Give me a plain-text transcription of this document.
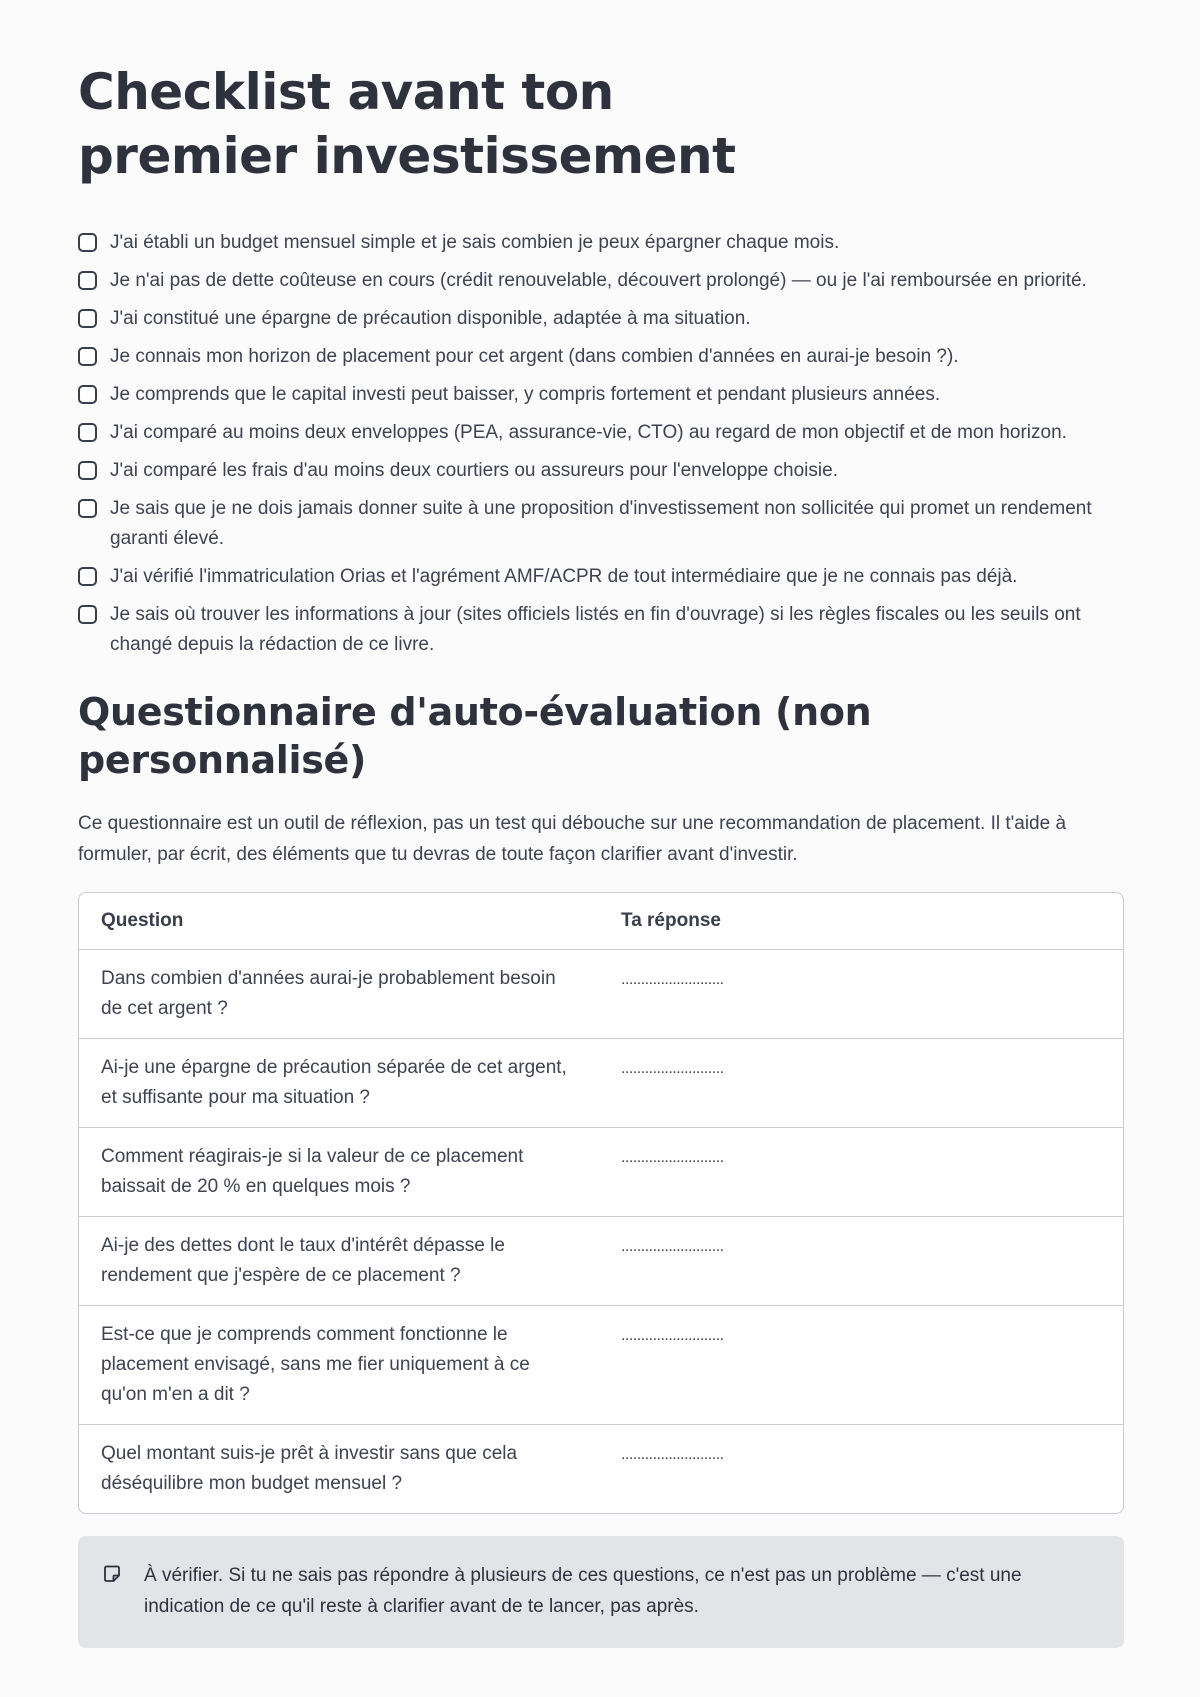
Checklist avant ton premier investissement
J'ai établi un budget mensuel simple et je sais combien je peux épargner chaque mois.
Je n'ai pas de dette coûteuse en cours (crédit renouvelable, découvert prolongé) — ou je l'ai remboursée en priorité.
J'ai constitué une épargne de précaution disponible, adaptée à ma situation.
Je connais mon horizon de placement pour cet argent (dans combien d'années en aurai-je besoin ?).
Je comprends que le capital investi peut baisser, y compris fortement et pendant plusieurs années.
J'ai comparé au moins deux enveloppes (PEA, assurance-vie, CTO) au regard de mon objectif et de mon horizon.
J'ai comparé les frais d'au moins deux courtiers ou assureurs pour l'enveloppe choisie.
Je sais que je ne dois jamais donner suite à une proposition d'investissement non sollicitée qui promet un rendement garanti élevé.
J'ai vérifié l'immatriculation Orias et l'agrément AMF/ACPR de tout intermédiaire que je ne connais pas déjà.
Je sais où trouver les informations à jour (sites officiels listés en fin d'ouvrage) si les règles fiscales ou les seuils ont changé depuis la rédaction de ce livre.
Questionnaire d'auto-évaluation (non personnalisé)

Ce questionnaire est un outil de réflexion, pas un test qui débouche sur une recommandation de placement. Il t'aide à formuler, par écrit, des éléments que tu devras de toute façon clarifier avant d'investir.

Question	Ta réponse
Dans combien d'années aurai-je probablement besoin de cet argent ?	..........................
Ai-je une épargne de précaution séparée de cet argent, et suffisante pour ma situation ?	..........................
Comment réagirais-je si la valeur de ce placement baissait de 20 % en quelques mois ?	..........................
Ai-je des dettes dont le taux d'intérêt dépasse le rendement que j'espère de ce placement ?	..........................
Est-ce que je comprends comment fonctionne le placement envisagé, sans me fier uniquement à ce qu'on m'en a dit ?	..........................
Quel montant suis-je prêt à investir sans que cela déséquilibre mon budget mensuel ?	..........................
À vérifier. Si tu ne sais pas répondre à plusieurs de ces questions, ce n'est pas un problème — c'est une indication de ce qu'il reste à clarifier avant de te lancer, pas après.
